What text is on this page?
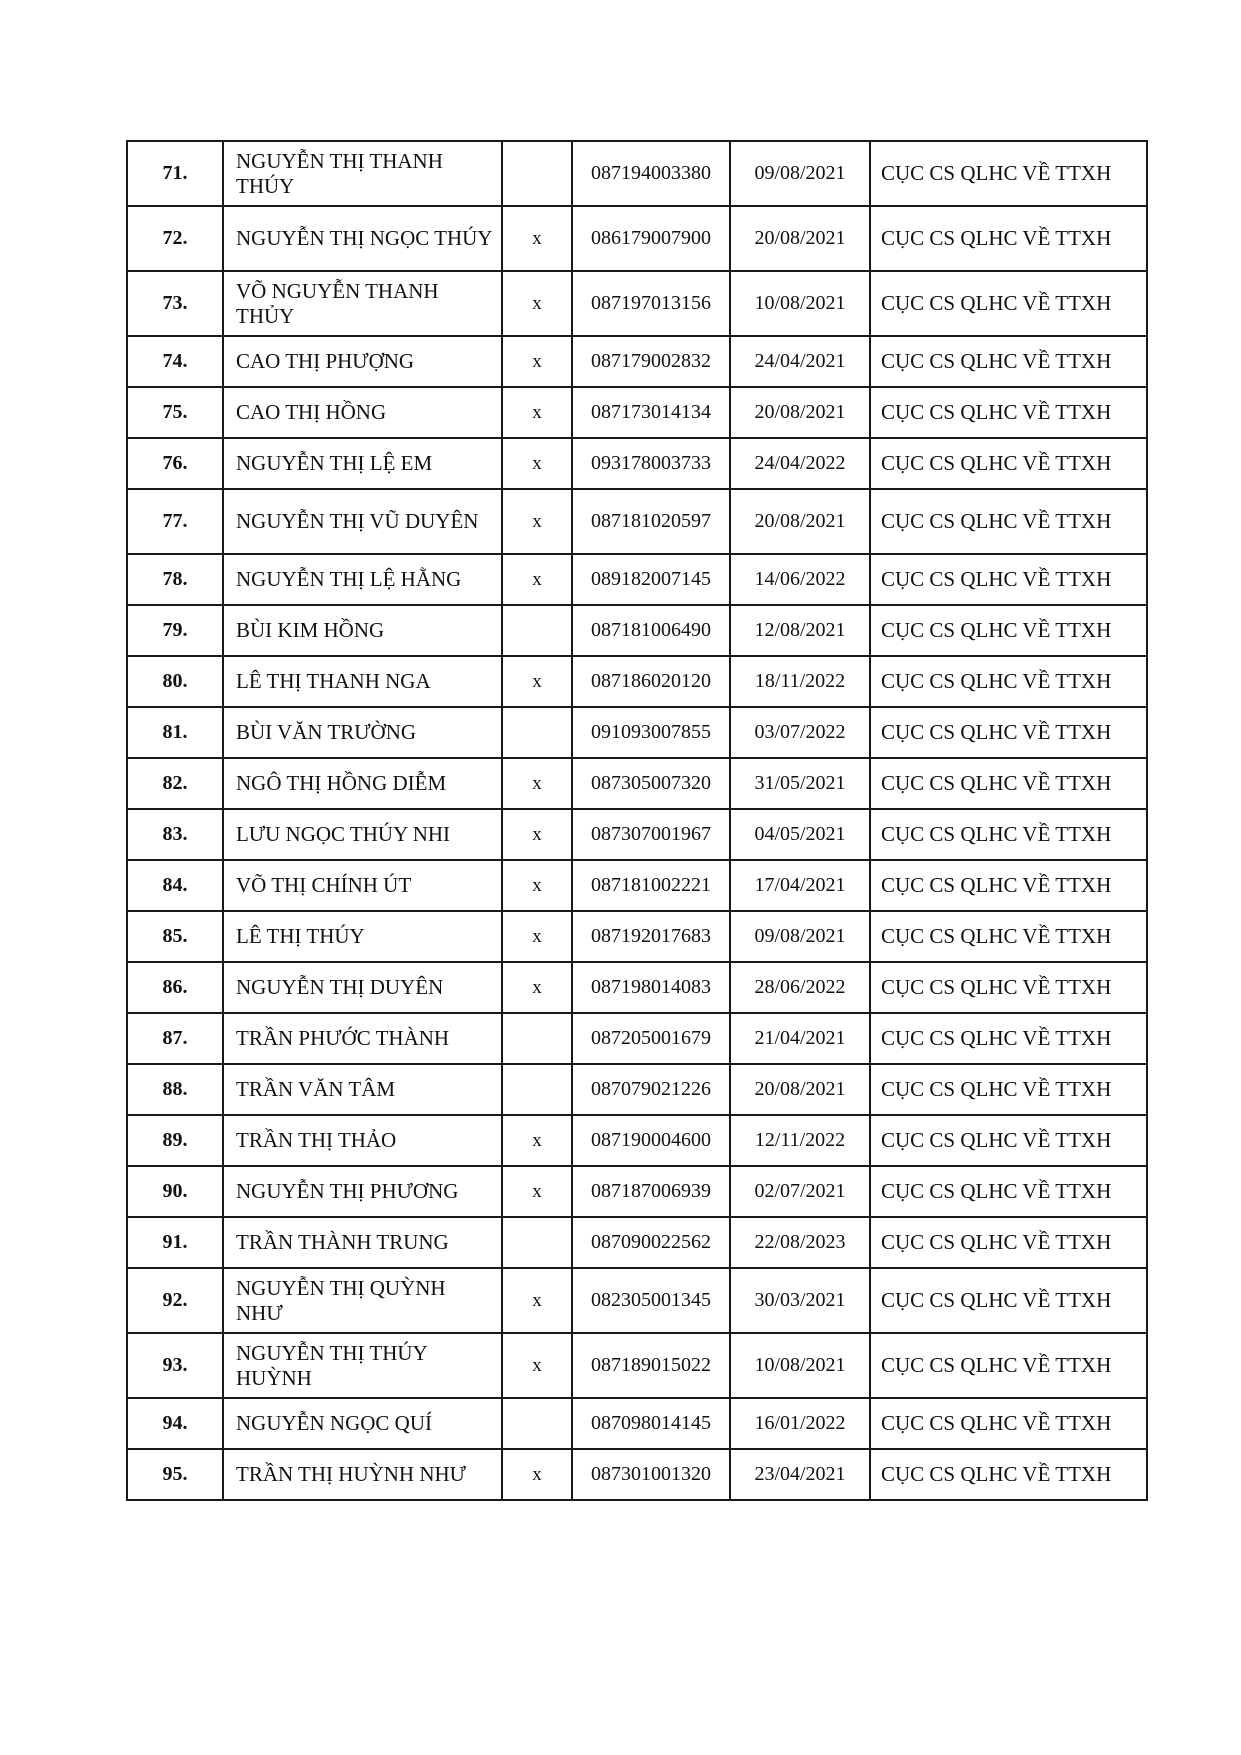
71.	NGUYỄN THỊ THANH THÚY		087194003380	09/08/2021	CỤC CS QLHC VỀ TTXH
72.	NGUYỄN THỊ NGỌC THÚY	x	086179007900	20/08/2021	CỤC CS QLHC VỀ TTXH
73.	VÕ NGUYỄN THANH THỦY	x	087197013156	10/08/2021	CỤC CS QLHC VỀ TTXH
74.	CAO THỊ PHƯỢNG	x	087179002832	24/04/2021	CỤC CS QLHC VỀ TTXH
75.	CAO THỊ HỒNG	x	087173014134	20/08/2021	CỤC CS QLHC VỀ TTXH
76.	NGUYỄN THỊ LỆ EM	x	093178003733	24/04/2022	CỤC CS QLHC VỀ TTXH
77.	NGUYỄN THỊ VŨ DUYÊN	x	087181020597	20/08/2021	CỤC CS QLHC VỀ TTXH
78.	NGUYỄN THỊ LỆ HẰNG	x	089182007145	14/06/2022	CỤC CS QLHC VỀ TTXH
79.	BÙI KIM HỒNG		087181006490	12/08/2021	CỤC CS QLHC VỀ TTXH
80.	LÊ THỊ THANH NGA	x	087186020120	18/11/2022	CỤC CS QLHC VỀ TTXH
81.	BÙI VĂN TRƯỜNG		091093007855	03/07/2022	CỤC CS QLHC VỀ TTXH
82.	NGÔ THỊ HỒNG DIỄM	x	087305007320	31/05/2021	CỤC CS QLHC VỀ TTXH
83.	LƯU NGỌC THÚY NHI	x	087307001967	04/05/2021	CỤC CS QLHC VỀ TTXH
84.	VÕ THỊ CHÍNH ÚT	x	087181002221	17/04/2021	CỤC CS QLHC VỀ TTXH
85.	LÊ THỊ THÚY	x	087192017683	09/08/2021	CỤC CS QLHC VỀ TTXH
86.	NGUYỄN THỊ DUYÊN	x	087198014083	28/06/2022	CỤC CS QLHC VỀ TTXH
87.	TRẦN PHƯỚC THÀNH		087205001679	21/04/2021	CỤC CS QLHC VỀ TTXH
88.	TRẦN VĂN TÂM		087079021226	20/08/2021	CỤC CS QLHC VỀ TTXH
89.	TRẦN THỊ THẢO	x	087190004600	12/11/2022	CỤC CS QLHC VỀ TTXH
90.	NGUYỄN THỊ PHƯƠNG	x	087187006939	02/07/2021	CỤC CS QLHC VỀ TTXH
91.	TRẦN THÀNH TRUNG		087090022562	22/08/2023	CỤC CS QLHC VỀ TTXH
92.	NGUYỄN THỊ QUỲNH NHƯ	x	082305001345	30/03/2021	CỤC CS QLHC VỀ TTXH
93.	NGUYỄN THỊ THÚY HUỲNH	x	087189015022	10/08/2021	CỤC CS QLHC VỀ TTXH
94.	NGUYỄN NGỌC QUÍ		087098014145	16/01/2022	CỤC CS QLHC VỀ TTXH
95.	TRẦN THỊ HUỲNH NHƯ	x	087301001320	23/04/2021	CỤC CS QLHC VỀ TTXH
